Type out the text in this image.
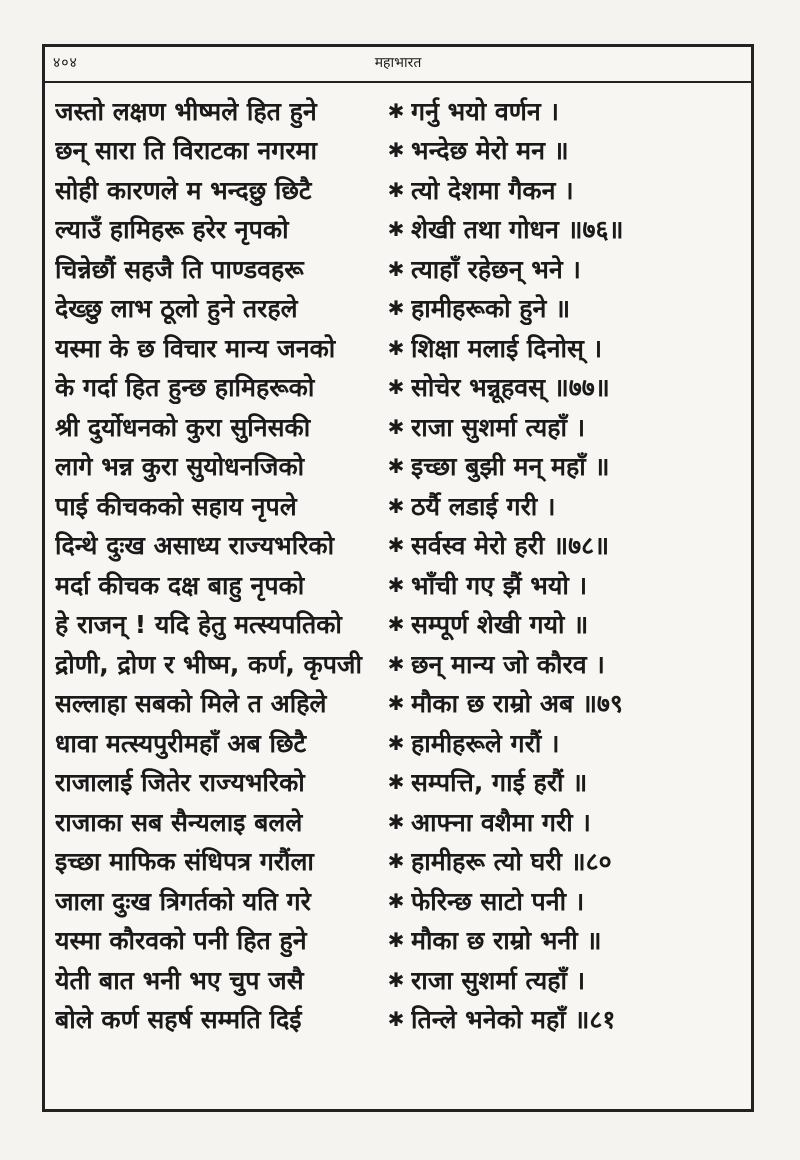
४०४	महाभारत
जस्तो लक्षण भीष्मले हित हुने	✱ गर्नु भयो वर्णन ।
छन् सारा ति विराटका नगरमा	✱ भन्देछ मेरो मन ॥
सोही कारणले म भन्दछु छिटै	✱ त्यो देशमा गैकन ।
ल्याउँ हामिहरू हरेर नृपको	✱ शेखी तथा गोधन ॥७६॥
चिन्नेछौं सहजै ति पाण्डवहरू	✱ त्याहाँ रहेछन् भने ।
देख्छु लाभ ठूलो हुने तरहले	✱ हामीहरूको हुने ॥
यस्मा के छ विचार मान्य जनको	✱ शिक्षा मलाई दिनोस् ।
के गर्दा हित हुन्छ हामिहरूको	✱ सोचेर भन्नूहवस् ॥७७॥
श्री दुर्योधनको कुरा सुनिसकी	✱ राजा सुशर्मा त्यहाँ ।
लागे भन्न कुरा सुयोधनजिको	✱ इच्छा बुझी मन् महाँ ॥
पाई कीचकको सहाय नृपले	✱ ठर्यै लडाई गरी ।
दिन्थे दुःख असाध्य राज्यभरिको	✱ सर्वस्व मेरो हरी ॥७८॥
मर्दा कीचक दक्ष बाहु नृपको	✱ भाँची गए झैं भयो ।
हे राजन् ! यदि हेतु मत्स्यपतिको	✱ सम्पूर्ण शेखी गयो ॥
द्रोणी, द्रोण र भीष्म, कर्ण, कृपजी	✱ छन् मान्य जो कौरव ।
सल्लाहा सबको मिले त अहिले	✱ मौका छ राम्रो अब ॥७९
धावा मत्स्यपुरीमहाँ अब छिटै	✱ हामीहरूले गरौं ।
राजालाई जितेर राज्यभरिको	✱ सम्पत्ति, गाई हरौं ॥
राजाका सब सैन्यलाइ बलले	✱ आफ्ना वशैमा गरी ।
इच्छा माफिक संधिपत्र गरौंला	✱ हामीहरू त्यो घरी ॥८०
जाला दुःख त्रिगर्तको यति गरे	✱ फेरिन्छ साटो पनी ।
यस्मा कौरवको पनी हित हुने	✱ मौका छ राम्रो भनी ॥
येती बात भनी भए चुप जसै	✱ राजा सुशर्मा त्यहाँ ।
बोले कर्ण सहर्ष सम्मति दिई	✱ तिन्ले भनेको महाँ ॥८१
